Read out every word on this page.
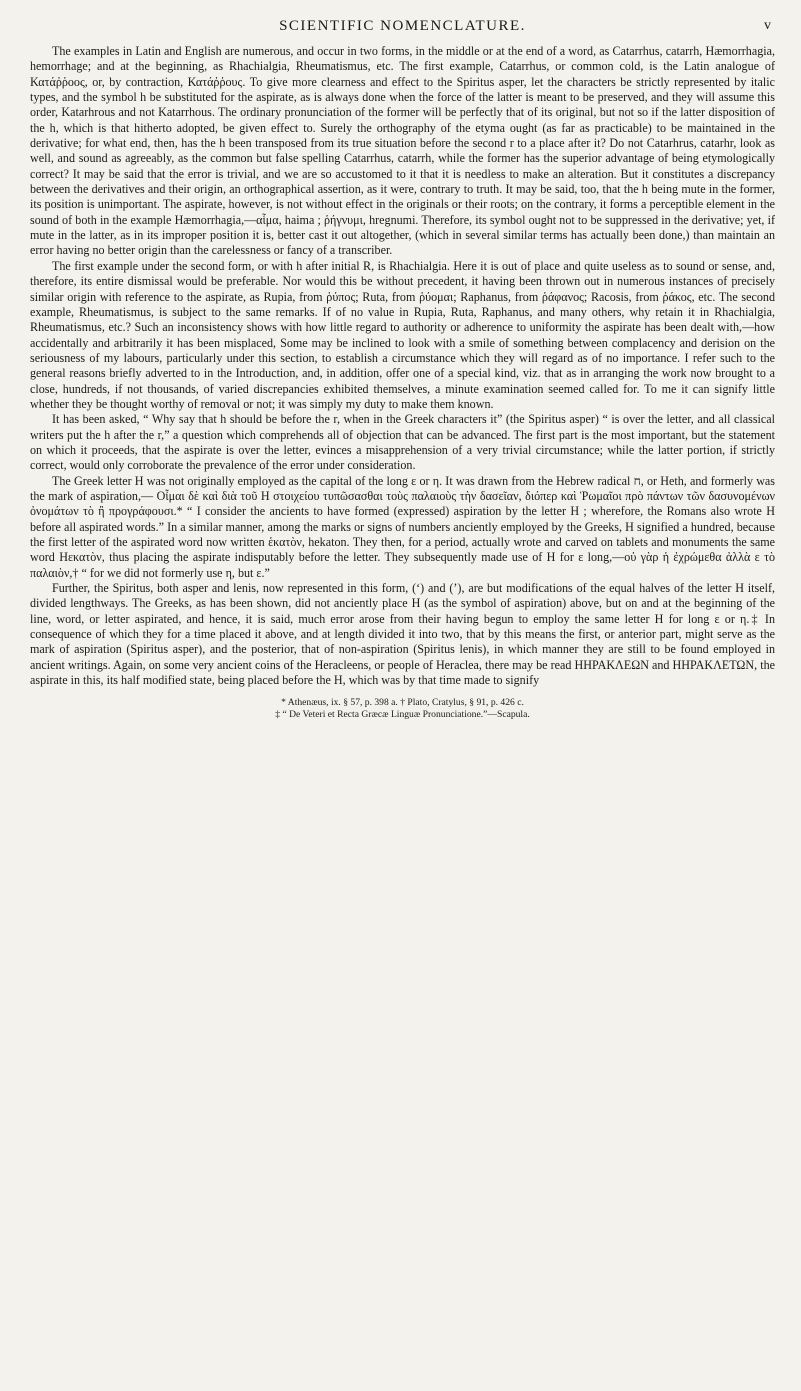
SCIENTIFIC NOMENCLATURE.	v

The examples in Latin and English are numerous, and occur in two forms, in the middle or at the end of a word, as Catarrhus, catarrh, Hæmorrhagia, hemorrhage; and at the beginning, as Rhachialgia, Rheumatismus, etc. The first example, Catarrhus, or common cold, is the Latin analogue of Κατάῤῥοος, or, by contraction, Κατάῤῥους. To give more clearness and effect to the Spiritus asper, let the characters be strictly represented by italic types, and the symbol h be substituted for the aspirate, as is always done when the force of the latter is meant to be preserved, and they will assume this order, Katarhrous and not Katarrhous. The ordinary pronunciation of the former will be perfectly that of its original, but not so if the latter disposition of the h, which is that hitherto adopted, be given effect to. Surely the orthography of the etyma ought (as far as practicable) to be maintained in the derivative; for what end, then, has the h been transposed from its true situation before the second r to a place after it? Do not Catarhrus, catarhr, look as well, and sound as agreeably, as the common but false spelling Catarrhus, catarrh, while the former has the superior advantage of being etymologically correct? It may be said that the error is trivial, and we are so accustomed to it that it is needless to make an alteration. But it constitutes a discrepancy between the derivatives and their origin, an orthographical assertion, as it were, contrary to truth. It may be said, too, that the h being mute in the former, its position is unimportant. The aspirate, however, is not without effect in the originals or their roots; on the contrary, it forms a perceptible element in the sound of both in the example Hæmorrhagia,—αἷμα, haima ; ῥήγνυμι, hregnumi. Therefore, its symbol ought not to be suppressed in the derivative; yet, if mute in the latter, as in its improper position it is, better cast it out altogether, (which in several similar terms has actually been done,) than maintain an error having no better origin than the carelessness or fancy of a transcriber.

The first example under the second form, or with h after initial R, is Rhachialgia. Here it is out of place and quite useless as to sound or sense, and, therefore, its entire dismissal would be preferable. Nor would this be without precedent, it having been thrown out in numerous instances of precisely similar origin with reference to the aspirate, as Rupia, from ῥύπος; Ruta, from ῥύομαι; Raphanus, from ῥάφανος; Racosis, from ῥάκος, etc. The second example, Rheumatismus, is subject to the same remarks. If of no value in Rupia, Ruta, Raphanus, and many others, why retain it in Rhachialgia, Rheumatismus, etc.? Such an inconsistency shows with how little regard to authority or adherence to uniformity the aspirate has been dealt with,—how accidentally and arbitrarily it has been misplaced, Some may be inclined to look with a smile of something between complacency and derision on the seriousness of my labours, particularly under this section, to establish a circumstance which they will regard as of no importance. I refer such to the general reasons briefly adverted to in the Introduction, and, in addition, offer one of a special kind, viz. that as in arranging the work now brought to a close, hundreds, if not thousands, of varied discrepancies exhibited themselves, a minute examination seemed called for. To me it can signify little whether they be thought worthy of removal or not; it was simply my duty to make them known.

It has been asked, “ Why say that h should be before the r, when in the Greek characters it” (the Spiritus asper) “ is over the letter, and all classical writers put the h after the r,” a question which comprehends all of objection that can be advanced. The first part is the most important, but the statement on which it proceeds, that the aspirate is over the letter, evinces a misapprehension of a very trivial circumstance; while the latter portion, if strictly correct, would only corroborate the prevalence of the error under consideration.

The Greek letter H was not originally employed as the capital of the long ε or η. It was drawn from the Hebrew radical ח, or Heth, and formerly was the mark of aspiration,— Οἶμαι δὲ καὶ διὰ τοῦ Η στοιχείου τυπῶσασθαι τοὺς παλαιοὺς τὴν δασεῖαν, διόπερ καὶ Ῥωμαῖοι πρὸ πάντων τῶν δασυνομένων ὀνομάτων τὸ ἢ προγράφουσι.* “ I consider the ancients to have formed (expressed) aspiration by the letter H ; wherefore, the Romans also wrote H before all aspirated words.” In a similar manner, among the marks or signs of numbers anciently employed by the Greeks, H signified a hundred, because the first letter of the aspirated word now written ἑκατὸν, hekaton. They then, for a period, actually wrote and carved on tablets and monuments the same word Ηεκατὸν, thus placing the aspirate indisputably before the letter. They subsequently made use of H for ε long,—οὐ γὰρ ἡ ἐχρώμεθα ἀλλὰ ε τὸ παλαιὸν,† “ for we did not formerly use η, but ε.”

Further, the Spiritus, both asper and lenis, now represented in this form, (‘) and (’), are but modifications of the equal halves of the letter H itself, divided lengthways. The Greeks, as has been shown, did not anciently place H (as the symbol of aspiration) above, but on and at the beginning of the line, word, or letter aspirated, and hence, it is said, much error arose from their having begun to employ the same letter H for long ε or η.‡ In consequence of which they for a time placed it above, and at length divided it into two, that by this means the first, or anterior part, might serve as the mark of aspiration (Spiritus asper), and the posterior, that of non-aspiration (Spiritus lenis), in which manner they are still to be found employed in ancient writings. Again, on some very ancient coins of the Heracleens, or people of Heraclea, there may be read ΗΗΡΑΚΛΕΩΝ and ΗΗΡΑΚΛΕΤΩΝ, the aspirate in this, its half modified state, being placed before the H, which was by that time made to signify

* Athenæus, ix. § 57, p. 398 a. † Plato, Cratylus, § 91, p. 426 c.
‡ “ De Veteri et Recta Græcæ Linguæ Pronunciatione.”—Scapula.
